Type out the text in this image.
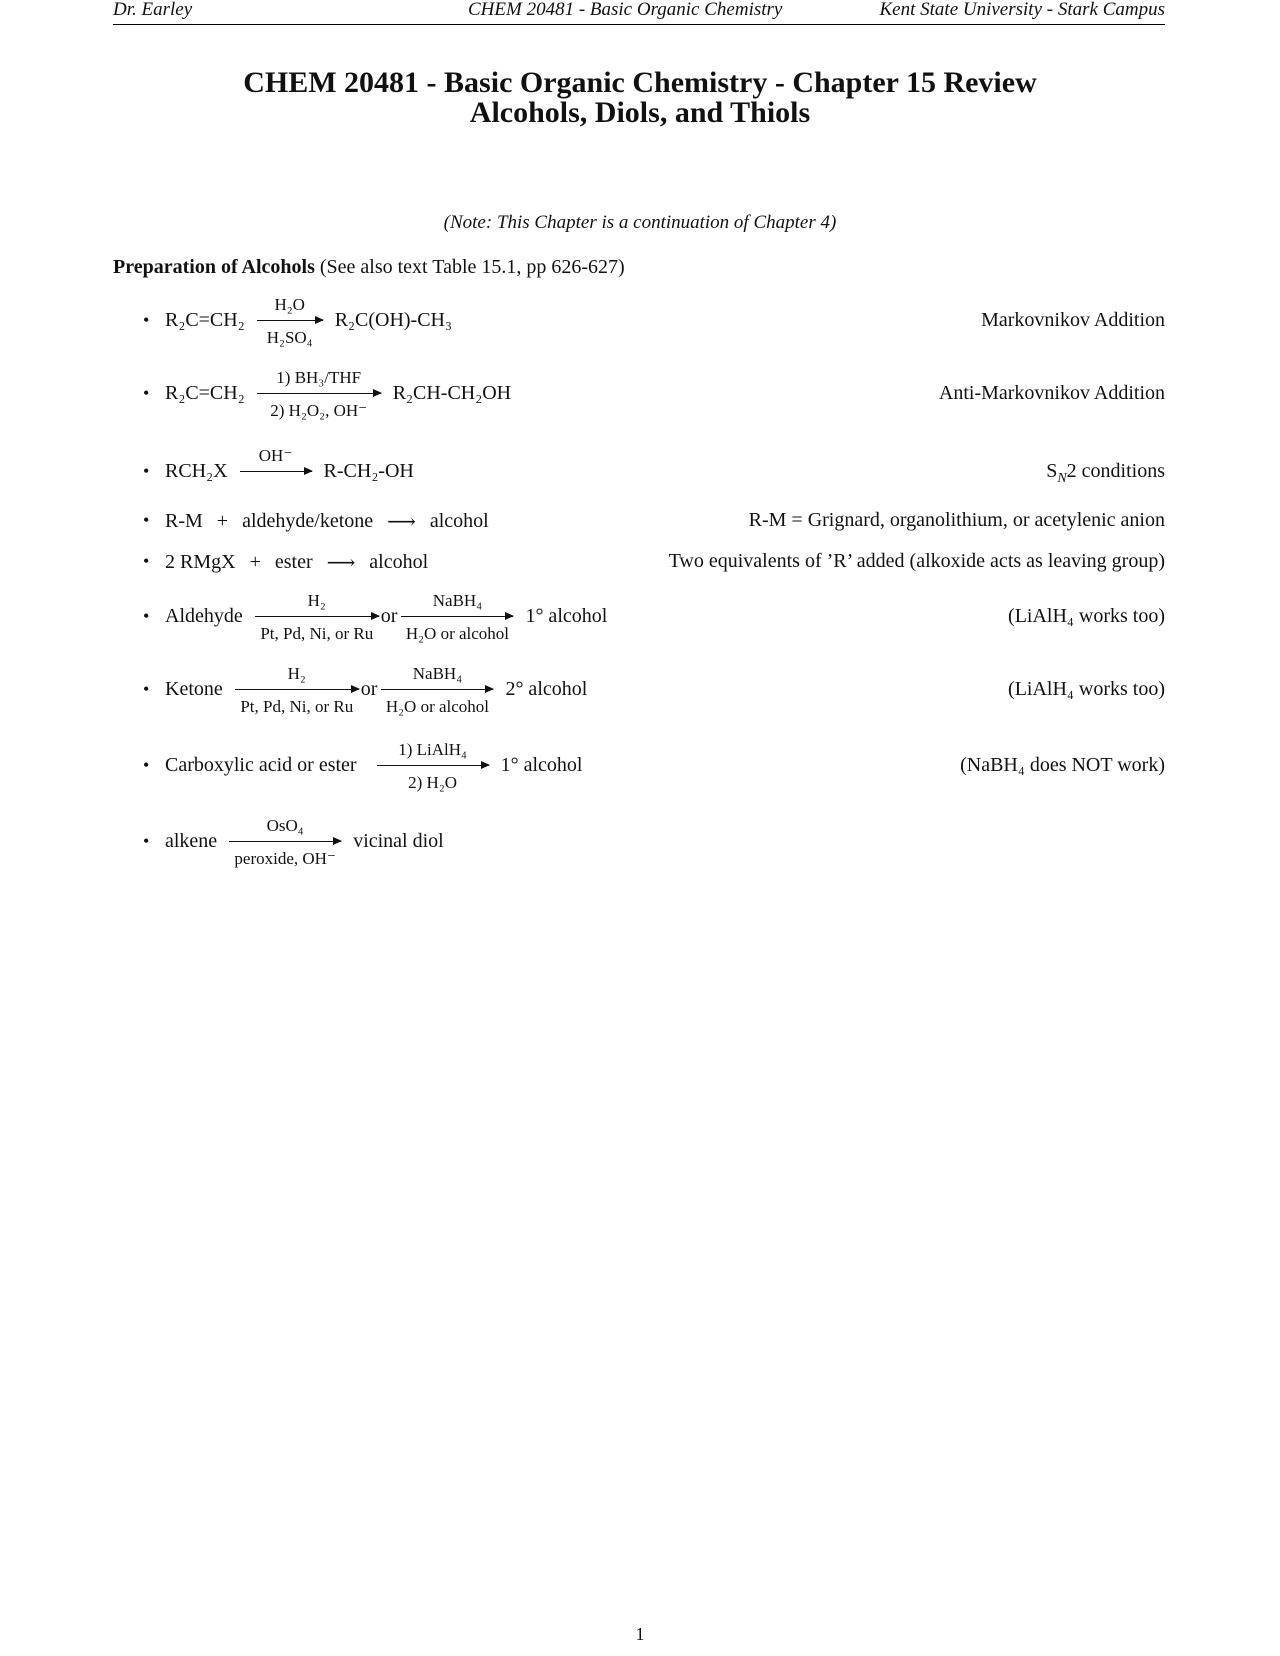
Dr. Earley	CHEM 20481 - Basic Organic Chemistry	Kent State University - Stark Campus
CHEM 20481 - Basic Organic Chemistry - Chapter 15 Review
Alcohols, Diols, and Thiols
(Note: This Chapter is a continuation of Chapter 4)
Preparation of Alcohols (See also text Table 15.1, pp 626-627)
• R₂C=CH₂
H₂O
H₂SO₄
R₂C(OH)-CH₃	Markovnikov Addition
• R₂C=CH₂
1) BH₃/THF
2) H₂O₂, OH⁻
R₂CH-CH₂OH	Anti-Markovnikov Addition
• RCH₂X
OH⁻
R-CH₂-OH	$S_N2$ conditions
• R-M + aldehyde/ketone ⟶ alcohol	R-M = Grignard, organolithium, or acetylenic anion
• 2 RMgX + ester ⟶ alcohol	Two equivalents of ’R’ added (alkoxide acts as leaving group)
• Aldehyde
H₂
Pt, Pd, Ni, or Ru
or
NaBH₄
H₂O or alcohol
1° alcohol	(LiAlH₄ works too)
• Ketone
H₂
Pt, Pd, Ni, or Ru
or
NaBH₄
H₂O or alcohol
2° alcohol	(LiAlH₄ works too)
• Carboxylic acid or ester
1) LiAlH₄
2) H₂O
1° alcohol	(NaBH₄ does NOT work)
• alkene
OsO₄
peroxide, OH⁻
vicinal diol
1
